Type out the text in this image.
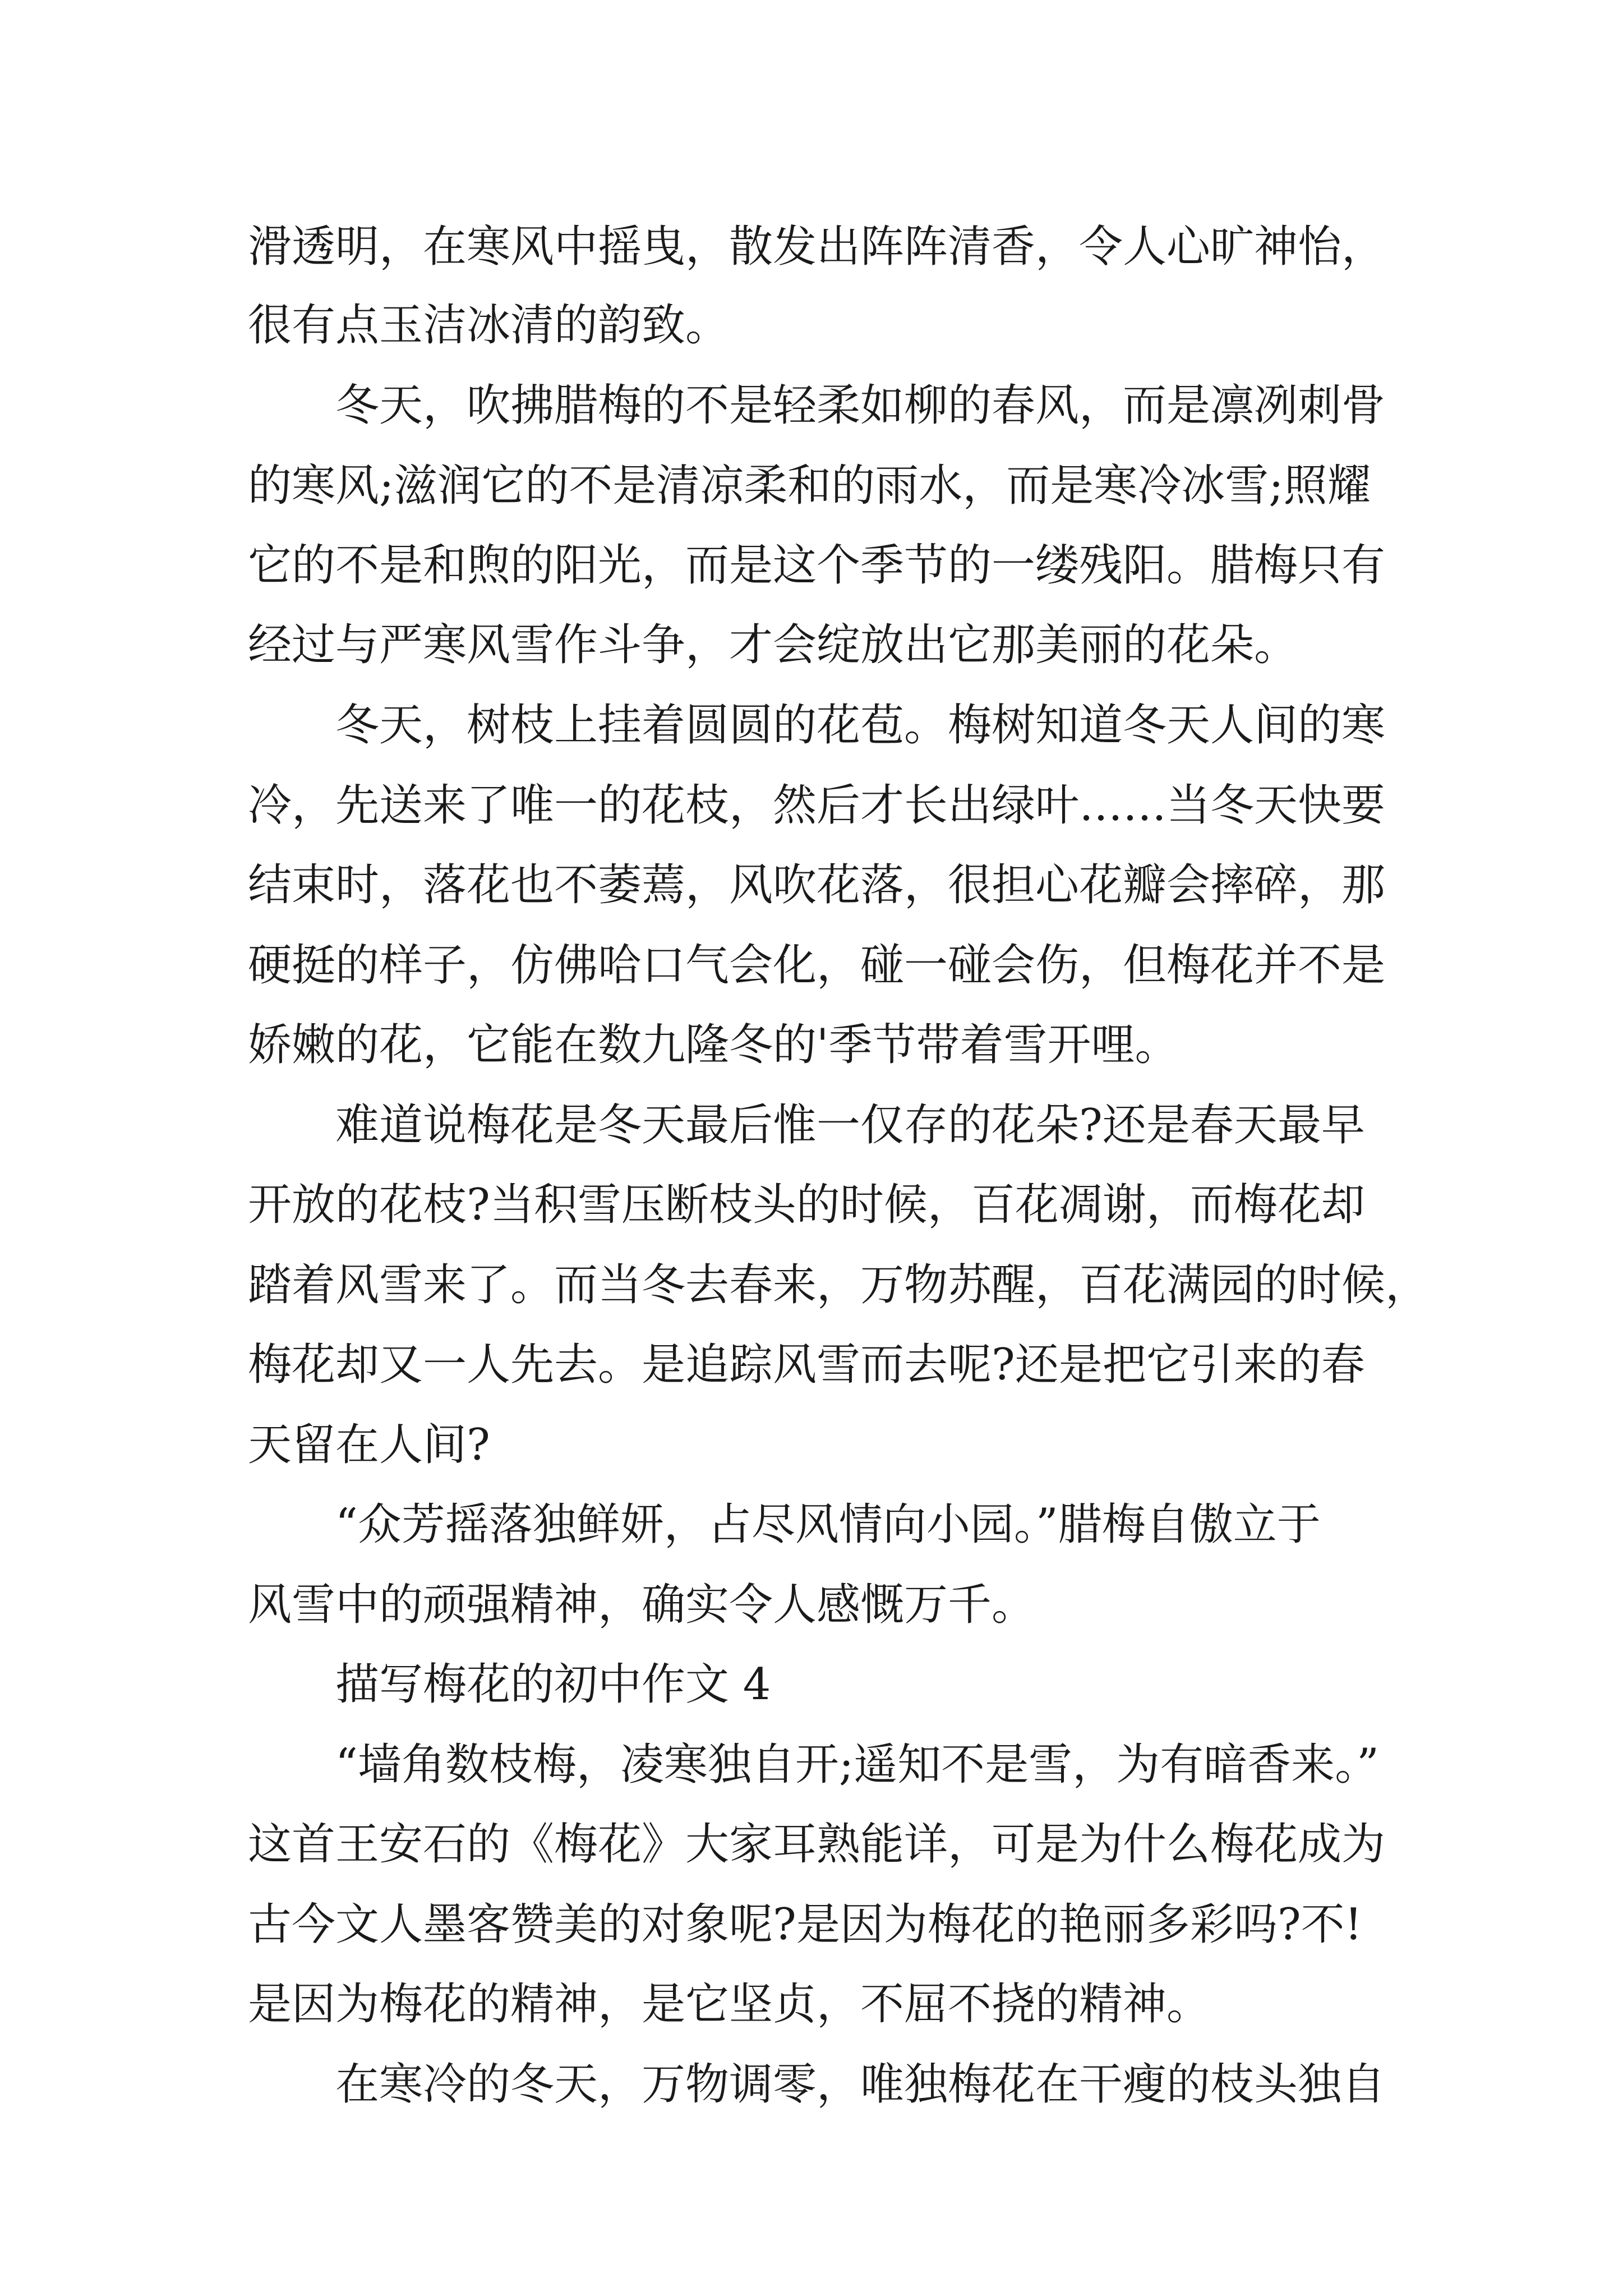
滑透明，在寒风中摇曳，散发出阵阵清香，令人心旷神怡，
很有点玉洁冰清的韵致。
冬天，吹拂腊梅的不是轻柔如柳的春风，而是凛冽刺骨
的寒风;滋润它的不是清凉柔和的雨水，而是寒冷冰雪;照耀
它的不是和煦的阳光，而是这个季节的一缕残阳。腊梅只有
经过与严寒风雪作斗争，才会绽放出它那美丽的花朵。
冬天，树枝上挂着圆圆的花苞。梅树知道冬天人间的寒
冷，先送来了唯一的花枝，然后才长出绿叶……当冬天快要
结束时，落花也不萎蔫，风吹花落，很担心花瓣会摔碎，那
硬挺的样子，仿佛哈口气会化，碰一碰会伤，但梅花并不是
娇嫩的花，它能在数九隆冬的'季节带着雪开哩。
难道说梅花是冬天最后惟一仅存的花朵?还是春天最早
开放的花枝?当积雪压断枝头的时候，百花凋谢，而梅花却
踏着风雪来了。而当冬去春来，万物苏醒，百花满园的时候，
梅花却又一人先去。是追踪风雪而去呢?还是把它引来的春
天留在人间?
“众芳摇落独鲜妍，占尽风情向小园。”腊梅自傲立于
风雪中的顽强精神，确实令人感慨万千。
描写梅花的初中作文 4
“墙角数枝梅，凌寒独自开;遥知不是雪，为有暗香来。”
这首王安石的《梅花》大家耳熟能详，可是为什么梅花成为
古今文人墨客赞美的对象呢?是因为梅花的艳丽多彩吗?不!
是因为梅花的精神，是它坚贞，不屈不挠的精神。
在寒冷的冬天，万物调零，唯独梅花在干瘦的枝头独自
